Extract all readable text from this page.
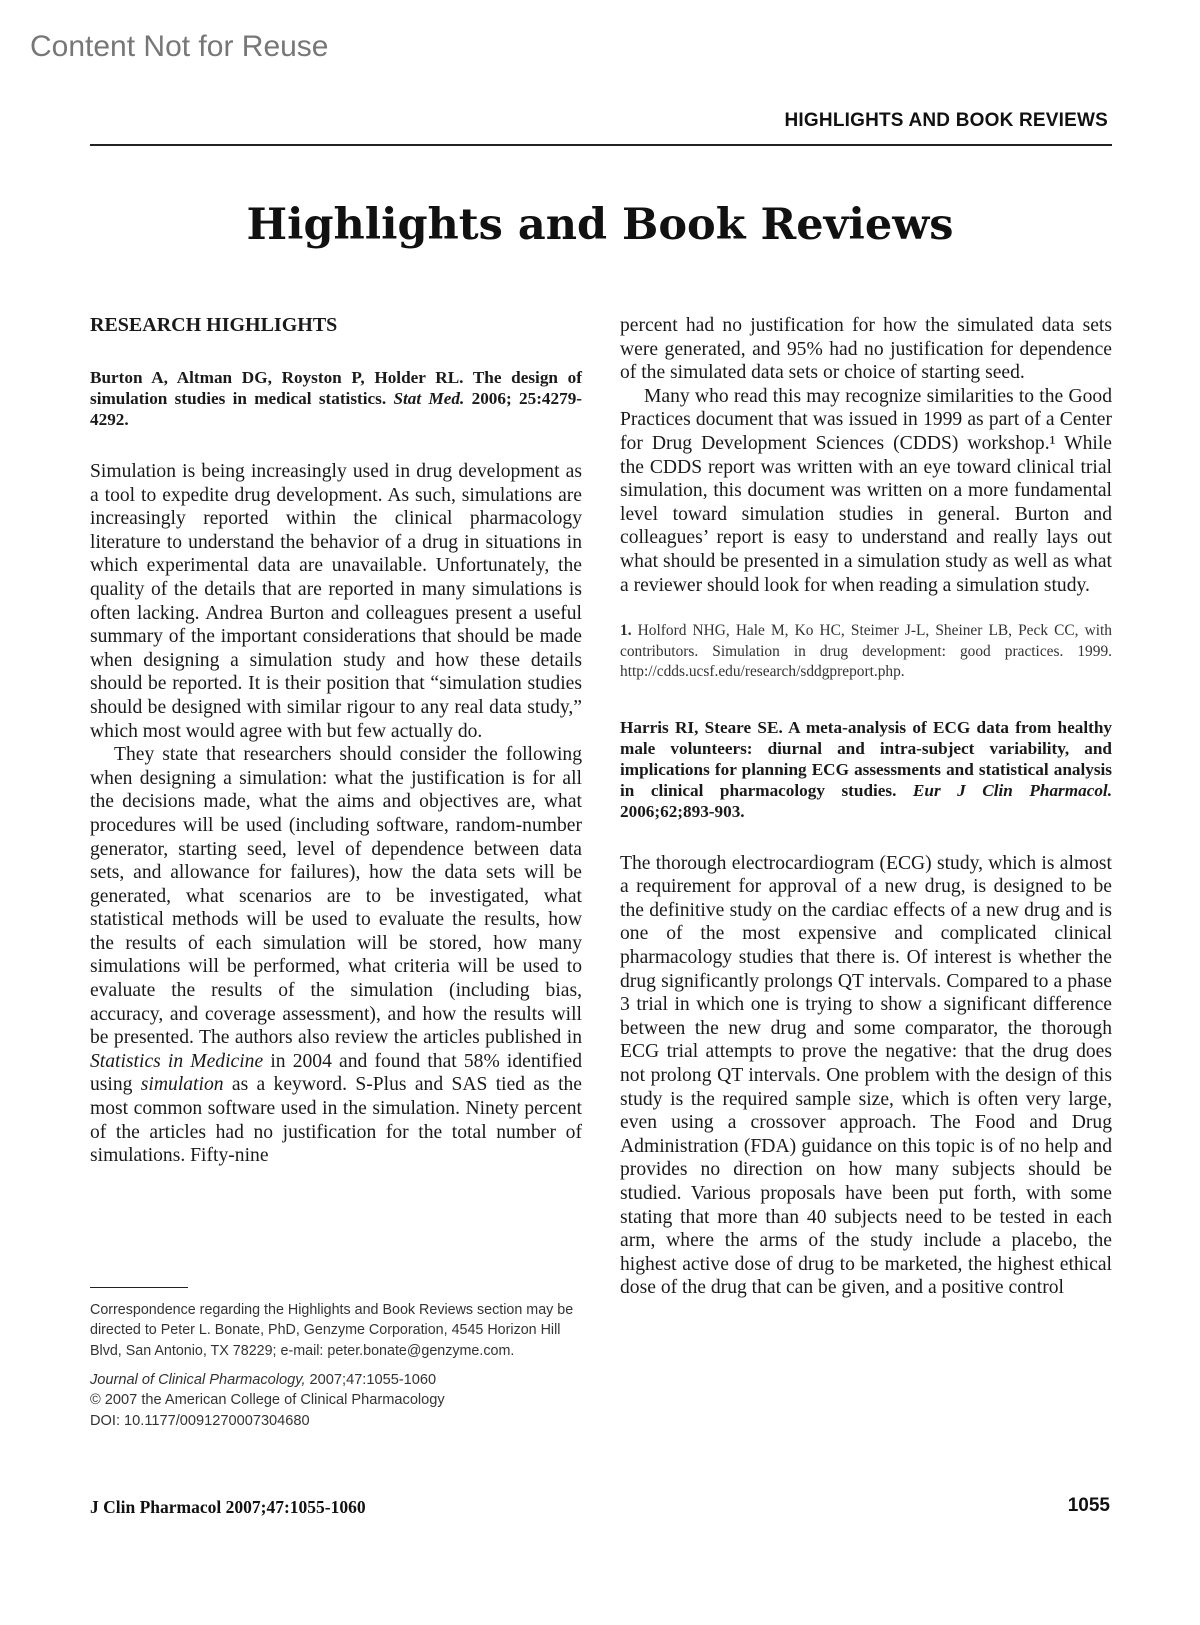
Content Not for Reuse
HIGHLIGHTS AND BOOK REVIEWS
Highlights and Book Reviews
RESEARCH HIGHLIGHTS
Burton A, Altman DG, Royston P, Holder RL. The design of simulation studies in medical statistics. Stat Med. 2006; 25:4279-4292.

Simulation is being increasingly used in drug development as a tool to expedite drug development. As such, simulations are increasingly reported within the clinical pharmacology literature to understand the behavior of a drug in situations in which experimental data are unavailable. Unfortunately, the quality of the details that are reported in many simulations is often lacking. Andrea Burton and colleagues present a useful summary of the important considerations that should be made when designing a simulation study and how these details should be reported. It is their position that “simulation studies should be designed with similar rigour to any real data study,” which most would agree with but few actually do.

They state that researchers should consider the following when designing a simulation: what the justification is for all the decisions made, what the aims and objectives are, what procedures will be used (including software, random-number generator, starting seed, level of dependence between data sets, and allowance for failures), how the data sets will be generated, what scenarios are to be investigated, what statistical methods will be used to evaluate the results, how the results of each simulation will be stored, how many simulations will be performed, what criteria will be used to evaluate the results of the simulation (including bias, accuracy, and coverage assessment), and how the results will be presented. The authors also review the articles published in Statistics in Medicine in 2004 and found that 58% identified using simulation as a keyword. S-Plus and SAS tied as the most common software used in the simulation. Ninety percent of the articles had no justification for the total number of simulations. Fifty-nine

percent had no justification for how the simulated data sets were generated, and 95% had no justification for dependence of the simulated data sets or choice of starting seed.

Many who read this may recognize similarities to the Good Practices document that was issued in 1999 as part of a Center for Drug Development Sciences (CDDS) workshop.¹ While the CDDS report was written with an eye toward clinical trial simulation, this document was written on a more fundamental level toward simulation studies in general. Burton and colleagues’ report is easy to understand and really lays out what should be presented in a simulation study as well as what a reviewer should look for when reading a simulation study.

1. Holford NHG, Hale M, Ko HC, Steimer J-L, Sheiner LB, Peck CC, with contributors. Simulation in drug development: good practices. 1999. http://cdds.ucsf.edu/research/sddgpreport.php.

Harris RI, Steare SE. A meta-analysis of ECG data from healthy male volunteers: diurnal and intra-subject variability, and implications for planning ECG assessments and statistical analysis in clinical pharmacology studies. Eur J Clin Pharmacol. 2006;62;893-903.

The thorough electrocardiogram (ECG) study, which is almost a requirement for approval of a new drug, is designed to be the definitive study on the cardiac effects of a new drug and is one of the most expensive and complicated clinical pharmacology studies that there is. Of interest is whether the drug significantly prolongs QT intervals. Compared to a phase 3 trial in which one is trying to show a significant difference between the new drug and some comparator, the thorough ECG trial attempts to prove the negative: that the drug does not prolong QT intervals. One problem with the design of this study is the required sample size, which is often very large, even using a crossover approach. The Food and Drug Administration (FDA) guidance on this topic is of no help and provides no direction on how many subjects should be studied. Various proposals have been put forth, with some stating that more than 40 subjects need to be tested in each arm, where the arms of the study include a placebo, the highest active dose of drug to be marketed, the highest ethical dose of the drug that can be given, and a positive control

Correspondence regarding the Highlights and Book Reviews section may be directed to Peter L. Bonate, PhD, Genzyme Corporation, 4545 Horizon Hill Blvd, San Antonio, TX 78229; e-mail: peter.bonate@genzyme.com.
Journal of Clinical Pharmacology, 2007;47:1055-1060
© 2007 the American College of Clinical Pharmacology
DOI: 10.1177/0091270007304680
J Clin Pharmacol 2007;47:1055-1060	1055
